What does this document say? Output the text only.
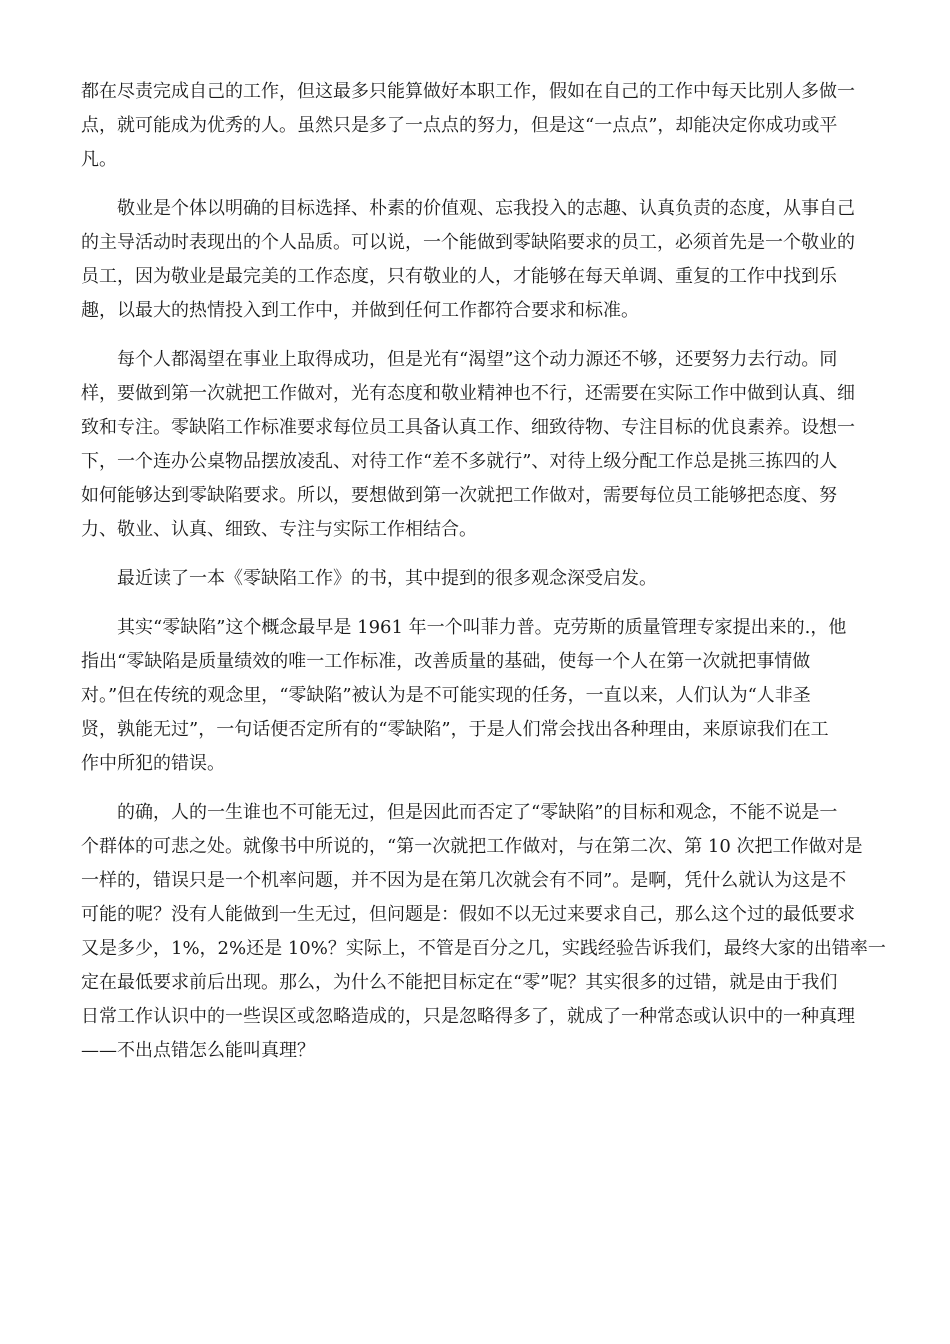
都在尽责完成自己的工作，但这最多只能算做好本职工作，假如在自己的工作中每天比别人多做一
点，就可能成为优秀的人。虽然只是多了一点点的努力，但是这“一点点”，却能决定你成功或平
凡。

敬业是个体以明确的目标选择、朴素的价值观、忘我投入的志趣、认真负责的态度，从事自己
的主导活动时表现出的个人品质。可以说，一个能做到零缺陷要求的员工，必须首先是一个敬业的
员工，因为敬业是最完美的工作态度，只有敬业的人，才能够在每天单调、重复的工作中找到乐
趣，以最大的热情投入到工作中，并做到任何工作都符合要求和标准。

每个人都渴望在事业上取得成功，但是光有“渴望”这个动力源还不够，还要努力去行动。同
样，要做到第一次就把工作做对，光有态度和敬业精神也不行，还需要在实际工作中做到认真、细
致和专注。零缺陷工作标准要求每位员工具备认真工作、细致待物、专注目标的优良素养。设想一
下，一个连办公桌物品摆放凌乱、对待工作“差不多就行”、对待上级分配工作总是挑三拣四的人
如何能够达到零缺陷要求。所以，要想做到第一次就把工作做对，需要每位员工能够把态度、努
力、敬业、认真、细致、专注与实际工作相结合。

最近读了一本《零缺陷工作》的书，其中提到的很多观念深受启发。

其实“零缺陷”这个概念最早是 1961 年一个叫菲力普。克劳斯的质量管理专家提出来的.，他
指出“零缺陷是质量绩效的唯一工作标准，改善质量的基础，使每一个人在第一次就把事情做
对。”但在传统的观念里，“零缺陷”被认为是不可能实现的任务，一直以来，人们认为“人非圣
贤，孰能无过”，一句话便否定所有的“零缺陷”，于是人们常会找出各种理由，来原谅我们在工
作中所犯的错误。

的确，人的一生谁也不可能无过，但是因此而否定了“零缺陷”的目标和观念，不能不说是一
个群体的可悲之处。就像书中所说的，“第一次就把工作做对，与在第二次、第 10 次把工作做对是
一样的，错误只是一个机率问题，并不因为是在第几次就会有不同”。是啊，凭什么就认为这是不
可能的呢？没有人能做到一生无过，但问题是：假如不以无过来要求自己，那么这个过的最低要求
又是多少，1%，2%还是 10%？实际上，不管是百分之几，实践经验告诉我们，最终大家的出错率一
定在最低要求前后出现。那么，为什么不能把目标定在“零”呢？其实很多的过错，就是由于我们
日常工作认识中的一些误区或忽略造成的，只是忽略得多了，就成了一种常态或认识中的一种真理
——不出点错怎么能叫真理？
